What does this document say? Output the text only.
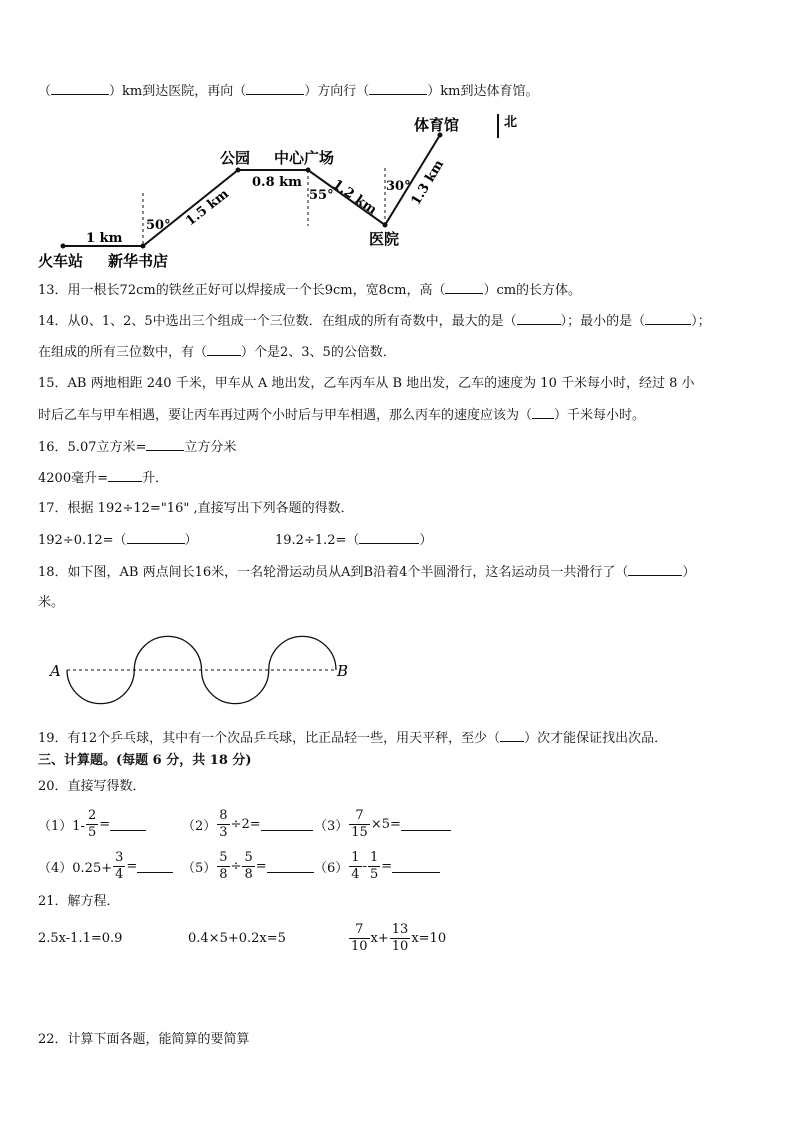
（	）km到达医院，再向（	）方向行（	）km到达体育馆。
北
体育馆
公园 中心广场
医院
火车站 新华书店
1 km
1.5 km
0.8 km 1.2 km 1.3 km
50°
55°
30°
13．用一根长72cm的铁丝正好可以焊接成一个长9cm，宽8cm，高（	）cm的长方体。
14．从0、1、2、5中选出三个组成一个三位数．在组成的所有奇数中，最大的是（	）；最小的是（	）；
在组成的所有三位数中，有（	）个是2、3、5的公倍数．
15．AB 两地相距 240 千米，甲车从 A 地出发，乙车丙车从 B 地出发，乙车的速度为 10 千米每小时，经过 8 小
时后乙车与甲车相遇，要让丙车再过两个小时后与甲车相遇，那么丙车的速度应该为（ ）千米每小时。
16．5.07立方米=	立方分米
4200毫升=	升．
17．根据 192÷12="16" ,直接写出下列各题的得数．
192÷0.12=（	）	19.2÷1.2=（	）
18．如下图，AB 两点间长16米，一名轮滑运动员从A到B沿着4个半圆滑行，这名运动员一共滑行了（	）
米。
A	B
19．有12个乒乓球，其中有一个次品乒乓球，比正品轻一些，用天平秤，至少（ ）次才能保证找出次品．
三、计算题。(每题 6 分，共 18 分)
20．直接写得数．
$(1)1- \frac{2}{5}$ =	$(2) \frac{8}{3} \div 2=$	$(3) \frac{7}{15} \times 5=$
$(4)0.25+ \frac{3}{4}$ =	$(5) \frac{5}{8} \div \frac{5}{8}$ =	$(6) \frac{1}{4} - \frac{1}{5}$ =
21．解方程．
2.5x-1.1=0.9	0.4×5+0.2x=5	$\frac{7}{10} x+ \frac{13}{10} x=10$
22．计算下面各题，能简算的要简算
